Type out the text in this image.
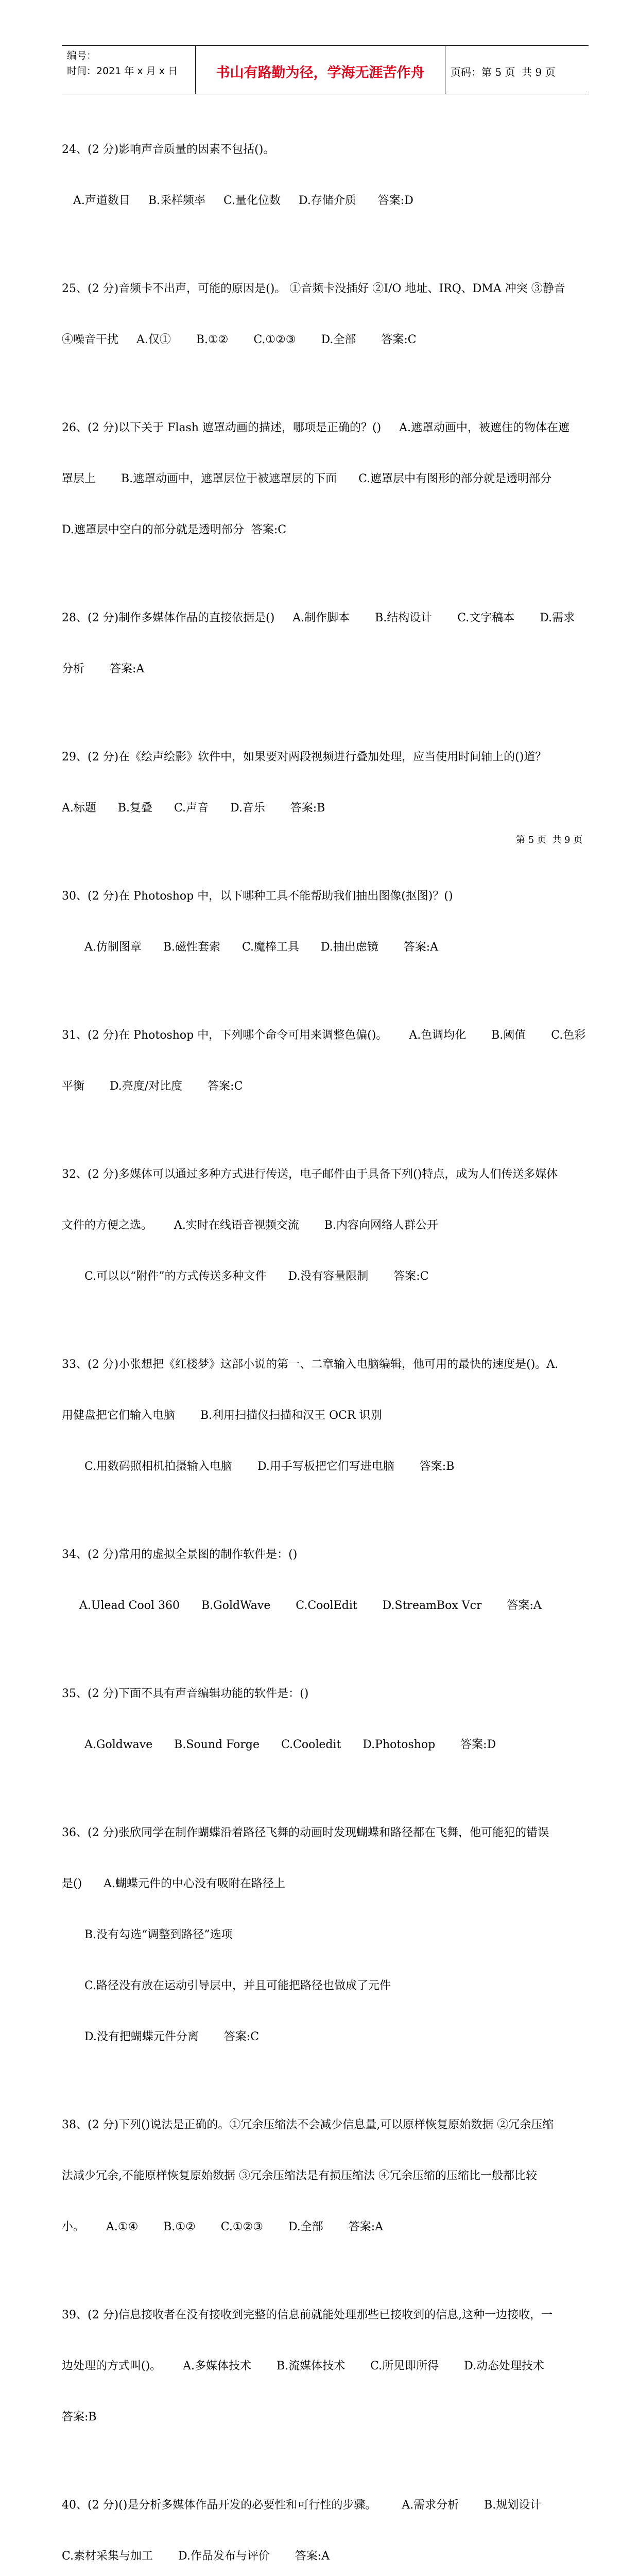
编号：
时间：2021 年 x 月 x 日	书山有路勤为径，学海无涯苦作舟	页码：第 5 页  共 9 页

24、(2 分)影响声音质量的因素不包括()。

A.声道数目     B.采样频率     C.量化位数     D.存储介质      答案:D

25、(2 分)音频卡不出声，可能的原因是()。 ①音频卡没插好 ②I/O 地址、IRQ、DMA 冲突 ③静音

④噪音干扰     A.仅①       B.①②       C.①②③       D.全部       答案:C

26、(2 分)以下关于 Flash 遮罩动画的描述，哪项是正确的？()     A.遮罩动画中，被遮住的物体在遮

罩层上       B.遮罩动画中，遮罩层位于被遮罩层的下面      C.遮罩层中有图形的部分就是透明部分

D.遮罩层中空白的部分就是透明部分  答案:C

28、(2 分)制作多媒体作品的直接依据是()     A.制作脚本       B.结构设计       C.文字稿本       D.需求

分析       答案:A

29、(2 分)在《绘声绘影》软件中，如果要对两段视频进行叠加处理，应当使用时间轴上的()道？

A.标题      B.复叠      C.声音      D.音乐       答案:B

30、(2 分)在 Photoshop 中，以下哪种工具不能帮助我们抽出图像(抠图)？()

A.仿制图章      B.磁性套索      C.魔棒工具      D.抽出虑镜       答案:A

31、(2 分)在 Photoshop 中，下列哪个命令可用来调整色偏()。      A.色调均化       B.阈值       C.色彩

平衡       D.亮度/对比度       答案:C

32、(2 分)多媒体可以通过多种方式进行传送，电子邮件由于具备下列()特点，成为人们传送多媒体

文件的方便之选。      A.实时在线语音视频交流       B.内容向网络人群公开

C.可以以“附件”的方式传送多种文件      D.没有容量限制       答案:C

33、(2 分)小张想把《红楼梦》这部小说的第一、二章输入电脑编辑，他可用的最快的速度是()。A.

用健盘把它们输入电脑       B.利用扫描仪扫描和汉王 OCR 识别

C.用数码照相机拍摄输入电脑       D.用手写板把它们写进电脑       答案:B

34、(2 分)常用的虚拟全景图的制作软件是：()

A.Ulead Cool 360      B.GoldWave       C.CoolEdit       D.StreamBox Vcr       答案:A

35、(2 分)下面不具有声音编辑功能的软件是：()

A.Goldwave      B.Sound Forge      C.Cooledit      D.Photoshop       答案:D

36、(2 分)张欣同学在制作蝴蝶沿着路径飞舞的动画时发现蝴蝶和路径都在飞舞，他可能犯的错误

是()      A.蝴蝶元件的中心没有吸附在路径上

B.没有勾选“调整到路径”选项

C.路径没有放在运动引导层中，并且可能把路径也做成了元件

D.没有把蝴蝶元件分离       答案:C

38、(2 分)下列()说法是正确的。①冗余压缩法不会减少信息量,可以原样恢复原始数据 ②冗余压缩

法减少冗余,不能原样恢复原始数据 ③冗余压缩法是有损压缩法 ④冗余压缩的压缩比一般都比较

小。      A.①④       B.①②       C.①②③       D.全部       答案:A

39、(2 分)信息接收者在没有接收到完整的信息前就能处理那些已接收到的信息,这种一边接收，一

边处理的方式叫()。      A.多媒体技术       B.流媒体技术       C.所见即所得       D.动态处理技术

答案:B

40、(2 分)()是分析多媒体作品开发的必要性和可行性的步骤。       A.需求分析       B.规划设计

C.素材采集与加工       D.作品发布与评价       答案:A

第 5 页  共 9 页
